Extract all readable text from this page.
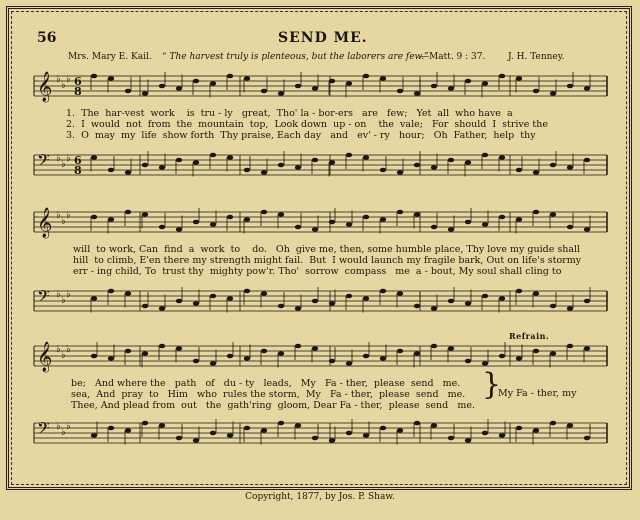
56	SEND ME.
Mrs. Mary E. Kail. “ The harvest truly is plenteous, but the laborers are few.”
—Matt. 9 : 37.	J. H. Tenney.
𝄞 ♭
♭
♭ 6
8
𝄢 ♭
♭
♭ 6
8
𝄞 ♭
♭
♭
𝄢 ♭
♭
♭
𝄞 ♭
♭
♭
𝄢 ♭
♭
♭
1.  The  har-vest  work    is  tru - ly   great,  Tho' la - bor-ers   are   few;   Yet  all  who have  a
2.  I  would  not  from  the  mountain  top,  Look down  up - on    the  vale;   For  should  I  strive the
3.  O  may  my  life  show forth  Thy praise, Each day   and   ev' - ry   hour;   Oh  Father,  help  thy
will  to work, Can  find  a  work  to    do.   Oh  give me, then, some humble place, Thy love my guide shall
hill  to climb, E'en there my strength might fail.  But  I would launch my fragile bark, Out on life's stormy
err - ing child, To  trust thy  mighty pow'r. Tho'  sorrow  compass   me  a - bout, My soul shall cling to
be;   And where the   path   of   du - ty   leads,   My   Fa - ther,  please  send   me.
sea,  And  pray  to   Him   who  rules the storm,  My   Fa - ther,  please  send   me.
Thee, And plead from  out   the  gath'ring  gloom, Dear Fa - ther,  please  send   me.
Refrain.
}
My Fa - ther, my
Copyright, 1877, by Jos. P. Shaw.
